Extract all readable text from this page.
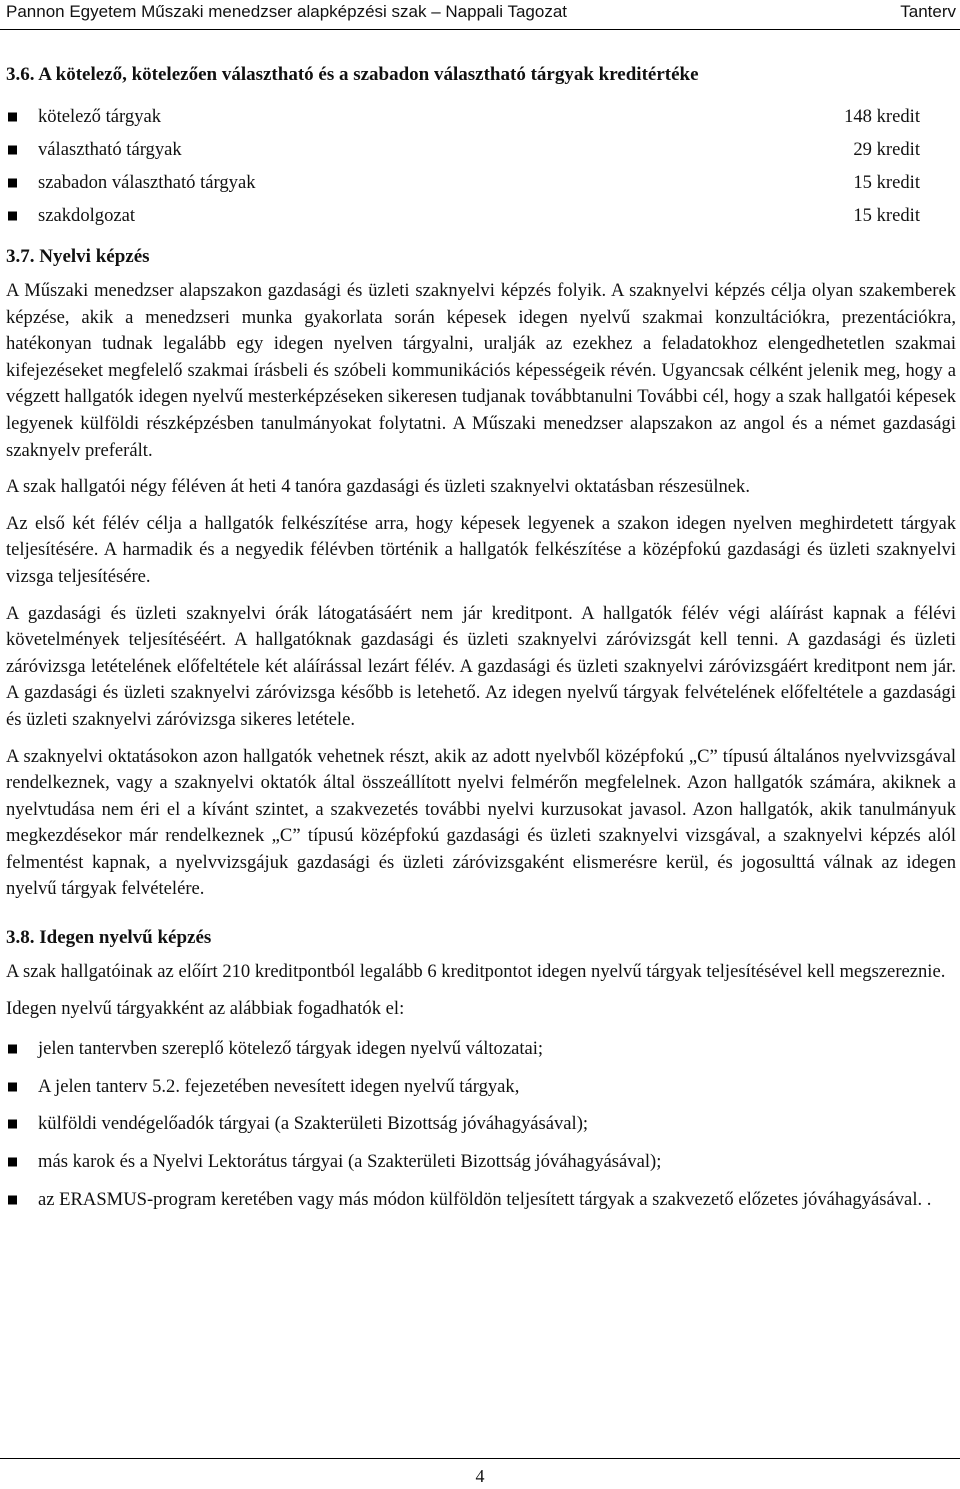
Pannon Egyetem Műszaki menedzser alapképzési szak – Nappali Tagozat	Tanterv
3.6. A kötelező, kötelezően választható és a szabadon választható tárgyak kreditértéke
kötelező tárgyak	148 kredit
választható tárgyak	29 kredit
szabadon választható tárgyak	15 kredit
szakdolgozat	15 kredit
3.7. Nyelvi képzés

A Műszaki menedzser alapszakon gazdasági és üzleti szaknyelvi képzés folyik. A szaknyelvi képzés célja olyan szakemberek képzése, akik a menedzseri munka gyakorlata során képesek idegen nyelvű szakmai konzultációkra, prezentációkra, hatékonyan tudnak legalább egy idegen nyelven tárgyalni, uralják az ezekhez a feladatokhoz elengedhetetlen szakmai kifejezéseket megfelelő szakmai írásbeli és szóbeli kommunikációs képességeik révén. Ugyancsak célként jelenik meg, hogy a végzett hallgatók idegen nyelvű mesterképzéseken sikeresen tudjanak továbbtanulni További cél, hogy a szak hallgatói képesek legyenek külföldi részképzésben tanulmányokat folytatni. A Műszaki menedzser alapszakon az angol és a német gazdasági szaknyelv preferált.

A szak hallgatói négy féléven át heti 4 tanóra gazdasági és üzleti szaknyelvi oktatásban részesülnek.

Az első két félév célja a hallgatók felkészítése arra, hogy képesek legyenek a szakon idegen nyelven meghirdetett tárgyak teljesítésére. A harmadik és a negyedik félévben történik a hallgatók felkészítése a középfokú gazdasági és üzleti szaknyelvi vizsga teljesítésére.

A gazdasági és üzleti szaknyelvi órák látogatásáért nem jár kreditpont. A hallgatók félév végi aláírást kapnak a félévi követelmények teljesítéséért. A hallgatóknak gazdasági és üzleti szaknyelvi záróvizsgát kell tenni. A gazdasági és üzleti záróvizsga letételének előfeltétele két aláírással lezárt félév. A gazdasági és üzleti szaknyelvi záróvizsgáért kreditpont nem jár. A gazdasági és üzleti szaknyelvi záróvizsga később is letehető. Az idegen nyelvű tárgyak felvételének előfeltétele a gazdasági és üzleti szaknyelvi záróvizsga sikeres letétele.

A szaknyelvi oktatásokon azon hallgatók vehetnek részt, akik az adott nyelvből középfokú „C” típusú általános nyelvvizsgával rendelkeznek, vagy a szaknyelvi oktatók által összeállított nyelvi felmérőn megfelelnek. Azon hallgatók számára, akiknek a nyelvtudása nem éri el a kívánt szintet, a szakvezetés további nyelvi kurzusokat javasol. Azon hallgatók, akik tanulmányuk megkezdésekor már rendelkeznek „C” típusú középfokú gazdasági és üzleti szaknyelvi vizsgával, a szaknyelvi képzés alól felmentést kapnak, a nyelvvizsgájuk gazdasági és üzleti záróvizsgaként elismerésre kerül, és jogosulttá válnak az idegen nyelvű tárgyak felvételére.

3.8. Idegen nyelvű képzés

A szak hallgatóinak az előírt 210 kreditpontból legalább 6 kreditpontot idegen nyelvű tárgyak teljesítésével kell megszereznie.

Idegen nyelvű tárgyakként az alábbiak fogadhatók el:

jelen tantervben szereplő kötelező tárgyak idegen nyelvű változatai;
A jelen tanterv 5.2. fejezetében nevesített idegen nyelvű tárgyak,
külföldi vendégelőadók tárgyai (a Szakterületi Bizottság jóváhagyásával);
más karok és a Nyelvi Lektorátus tárgyai (a Szakterületi Bizottság jóváhagyásával);
az ERASMUS-program keretében vagy más módon külföldön teljesített tárgyak a szakvezető előzetes jóváhagyásával. .
4
